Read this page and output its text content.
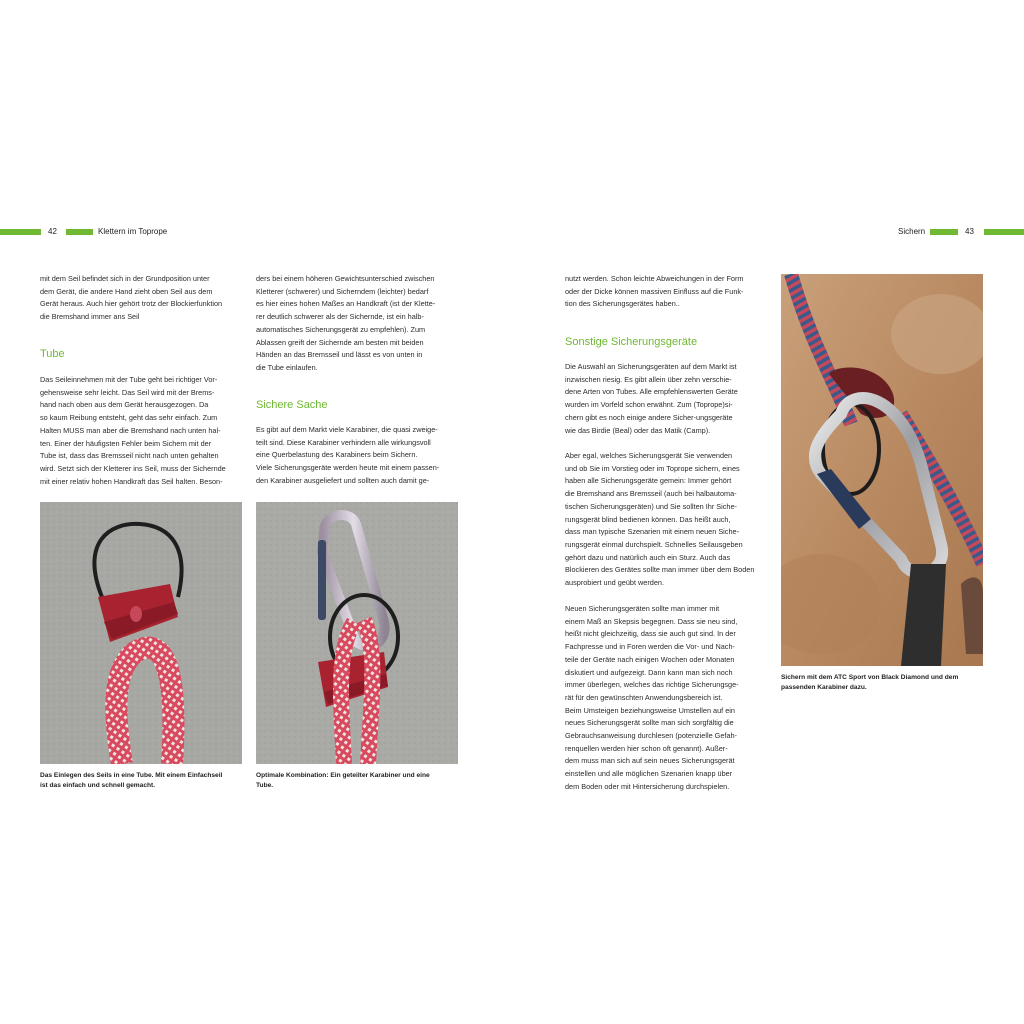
42	Klettern im Toprope	Sichern	43
mit dem Seil befindet sich in der Grundposition unter
dem Gerät, die andere Hand zieht oben Seil aus dem
Gerät heraus. Auch hier gehört trotz der Blockierfunktion
die Bremshand immer ans Seil
Tube
Das Seileinnehmen mit der Tube geht bei richtiger Vor-
gehensweise sehr leicht. Das Seil wird mit der Brems-
hand nach oben aus dem Gerät herausgezogen. Da
so kaum Reibung entsteht, geht das sehr einfach. Zum
Halten MUSS man aber die Bremshand nach unten hal-
ten. Einer der häufigsten Fehler beim Sichern mit der
Tube ist, dass das Bremsseil nicht nach unten gehalten
wird. Setzt sich der Kletterer ins Seil, muss der Sichernde
mit einer relativ hohen Handkraft das Seil halten. Beson-
ders bei einem höheren Gewichtsunterschied zwischen
Kletterer (schwerer) und Sicherndem (leichter) bedarf
es hier eines hohen Maßes an Handkraft (ist der Klette-
rer deutlich schwerer als der Sichernde, ist ein halb-
automatisches Sicherungsgerät zu empfehlen). Zum
Ablassen greift der Sichernde am besten mit beiden
Händen an das Bremsseil und lässt es von unten in
die Tube einlaufen.
Sichere Sache
Es gibt auf dem Markt viele Karabiner, die quasi zweige-
teilt sind. Diese Karabiner verhindern alle wirkungsvoll
eine Querbelastung des Karabiners beim Sichern.
Viele Sicherungsgeräte werden heute mit einem passen-
den Karabiner ausgeliefert und sollten auch damit ge-
Das Einlegen des Seils in eine Tube. Mit einem Einfachseil
ist das einfach und schnell gemacht.
Optimale Kombination: Ein geteilter Karabiner und eine
Tube.
nutzt werden. Schon leichte Abweichungen in der Form
oder der Dicke können massiven Einfluss auf die Funk-
tion des Sicherungsgerätes haben..
Sonstige Sicherungsgeräte
Die Auswahl an Sicherungsgeräten auf dem Markt ist
inzwischen riesig. Es gibt allein über zehn verschie-
dene Arten von Tubes. Alle empfehlenswerten Geräte
wurden im Vorfeld schon erwähnt. Zum (Toprope)si-
chern gibt es noch einige andere Sicher-ungsgeräte
wie das Birdie (Beal) oder das Matik (Camp).
Aber egal, welches Sicherungsgerät Sie verwenden
und ob Sie im Vorstieg oder im Toprope sichern, eines
haben alle Sicherungsgeräte gemein: Immer gehört
die Bremshand ans Bremsseil (auch bei halbautoma-
tischen Sicherungsgeräten) und Sie sollten Ihr Siche-
rungsgerät blind bedienen können. Das heißt auch,
dass man typische Szenarien mit einem neuen Siche-
rungsgerät einmal durchspielt. Schnelles Seilausgeben
gehört dazu und natürlich auch ein Sturz. Auch das
Blockieren des Gerätes sollte man immer über dem Boden
ausprobiert und geübt werden.
Neuen Sicherungsgeräten sollte man immer mit
einem Maß an Skepsis begegnen. Dass sie neu sind,
heißt nicht gleichzeitig, dass sie auch gut sind. In der
Fachpresse und in Foren werden die Vor- und Nach-
teile der Geräte nach einigen Wochen oder Monaten
diskutiert und aufgezeigt. Dann kann man sich noch
immer überlegen, welches das richtige Sicherungsge-
rät für den gewünschten Anwendungsbereich ist.
Beim Umsteigen beziehungsweise Umstellen auf ein
neues Sicherungsgerät sollte man sich sorgfältig die
Gebrauchsanweisung durchlesen (potenzielle Gefah-
renquellen werden hier schon oft genannt). Außer-
dem muss man sich auf sein neues Sicherungsgerät
einstellen und alle möglichen Szenarien knapp über
dem Boden oder mit Hintersicherung durchspielen.
Sichern mit dem ATC Sport von Black Diamond und dem
passenden Karabiner dazu.
